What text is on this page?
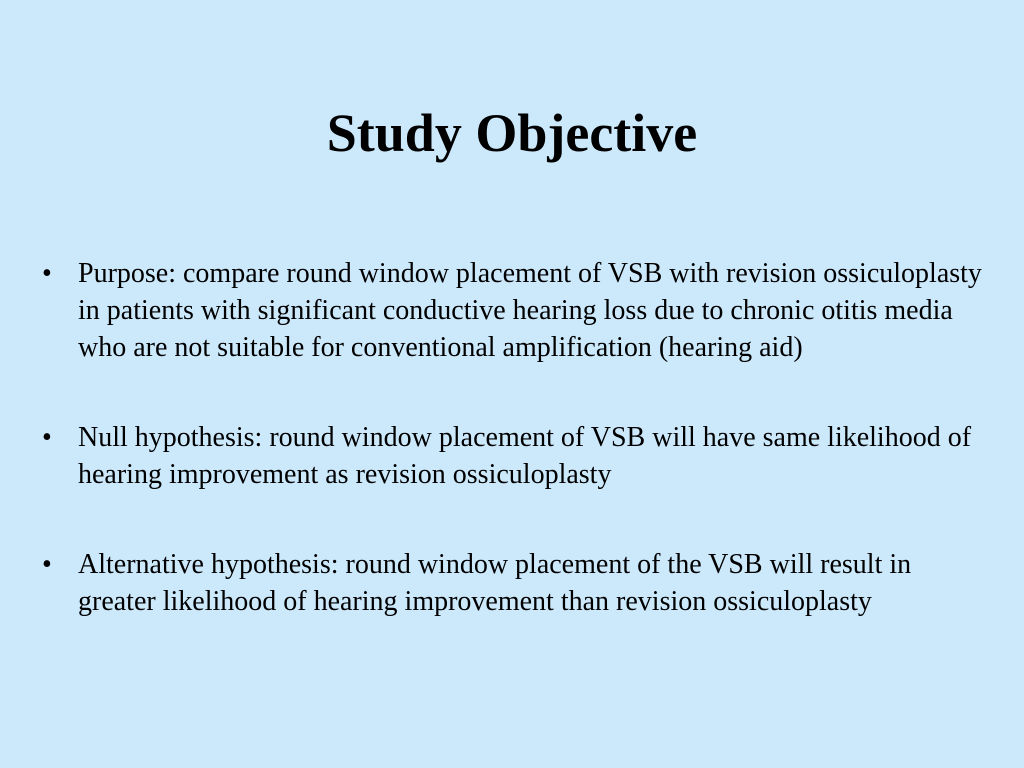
Study Objective
• Purpose: compare round window placement of VSB with revision ossiculoplasty in patients with significant conductive hearing loss due to chronic otitis media who are not suitable for conventional amplification (hearing aid)
• Null hypothesis: round window placement of VSB will have same likelihood of hearing improvement as revision ossiculoplasty
• Alternative hypothesis: round window placement of the VSB will result in greater likelihood of hearing improvement than revision ossiculoplasty
